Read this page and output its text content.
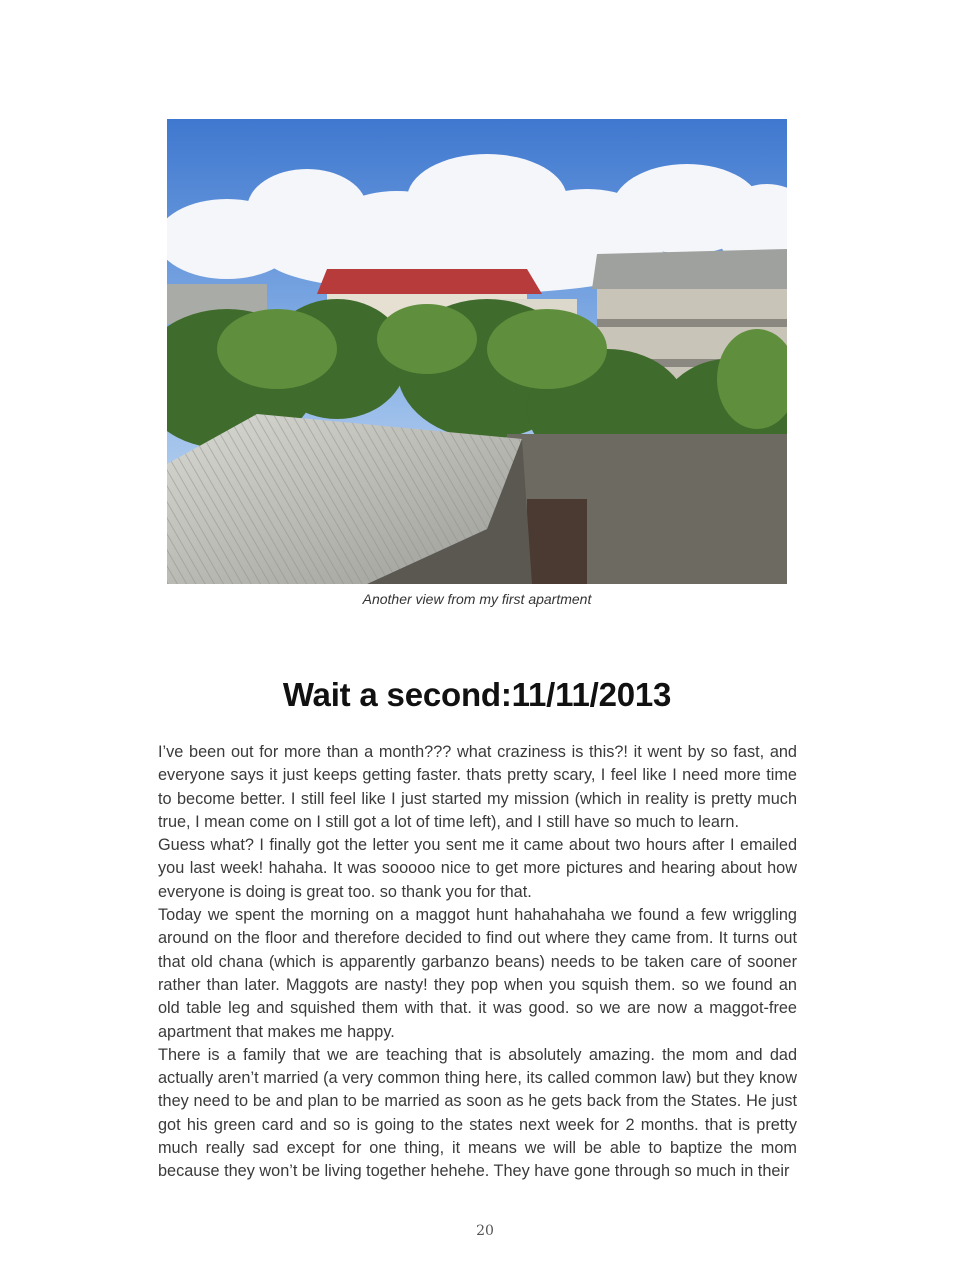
Another view from my first apartment
Wait a second:11/11/2013

I’ve been out for more than a month??? what craziness is this?! it went by so fast, and everyone says it just keeps getting faster. thats pretty scary, I feel like I need more time to become better. I still feel like I just started my mission (which in reality is pretty much true, I mean come on I still got a lot of time left), and I still have so much to learn.

Guess what? I finally got the letter you sent me it came about two hours after I emailed you last week! hahaha. It was sooooo nice to get more pictures and hearing about how everyone is doing is great too. so thank you for that.

Today we spent the morning on a maggot hunt hahahahaha we found a few wriggling around on the floor and therefore decided to find out where they came from. It turns out that old chana (which is apparently garbanzo beans) needs to be taken care of sooner rather than later. Maggots are nasty! they pop when you squish them. so we found an old table leg and squished them with that. it was good. so we are now a maggot-free apartment that makes me happy.

There is a family that we are teaching that is absolutely amazing. the mom and dad actually aren’t married (a very common thing here, its called common law) but they know they need to be and plan to be married as soon as he gets back from the States. He just got his green card and so is going to the states next week for 2 months. that is pretty much really sad except for one thing, it means we will be able to baptize the mom because they won’t be living together hehehe. They have gone through so much in their

20
